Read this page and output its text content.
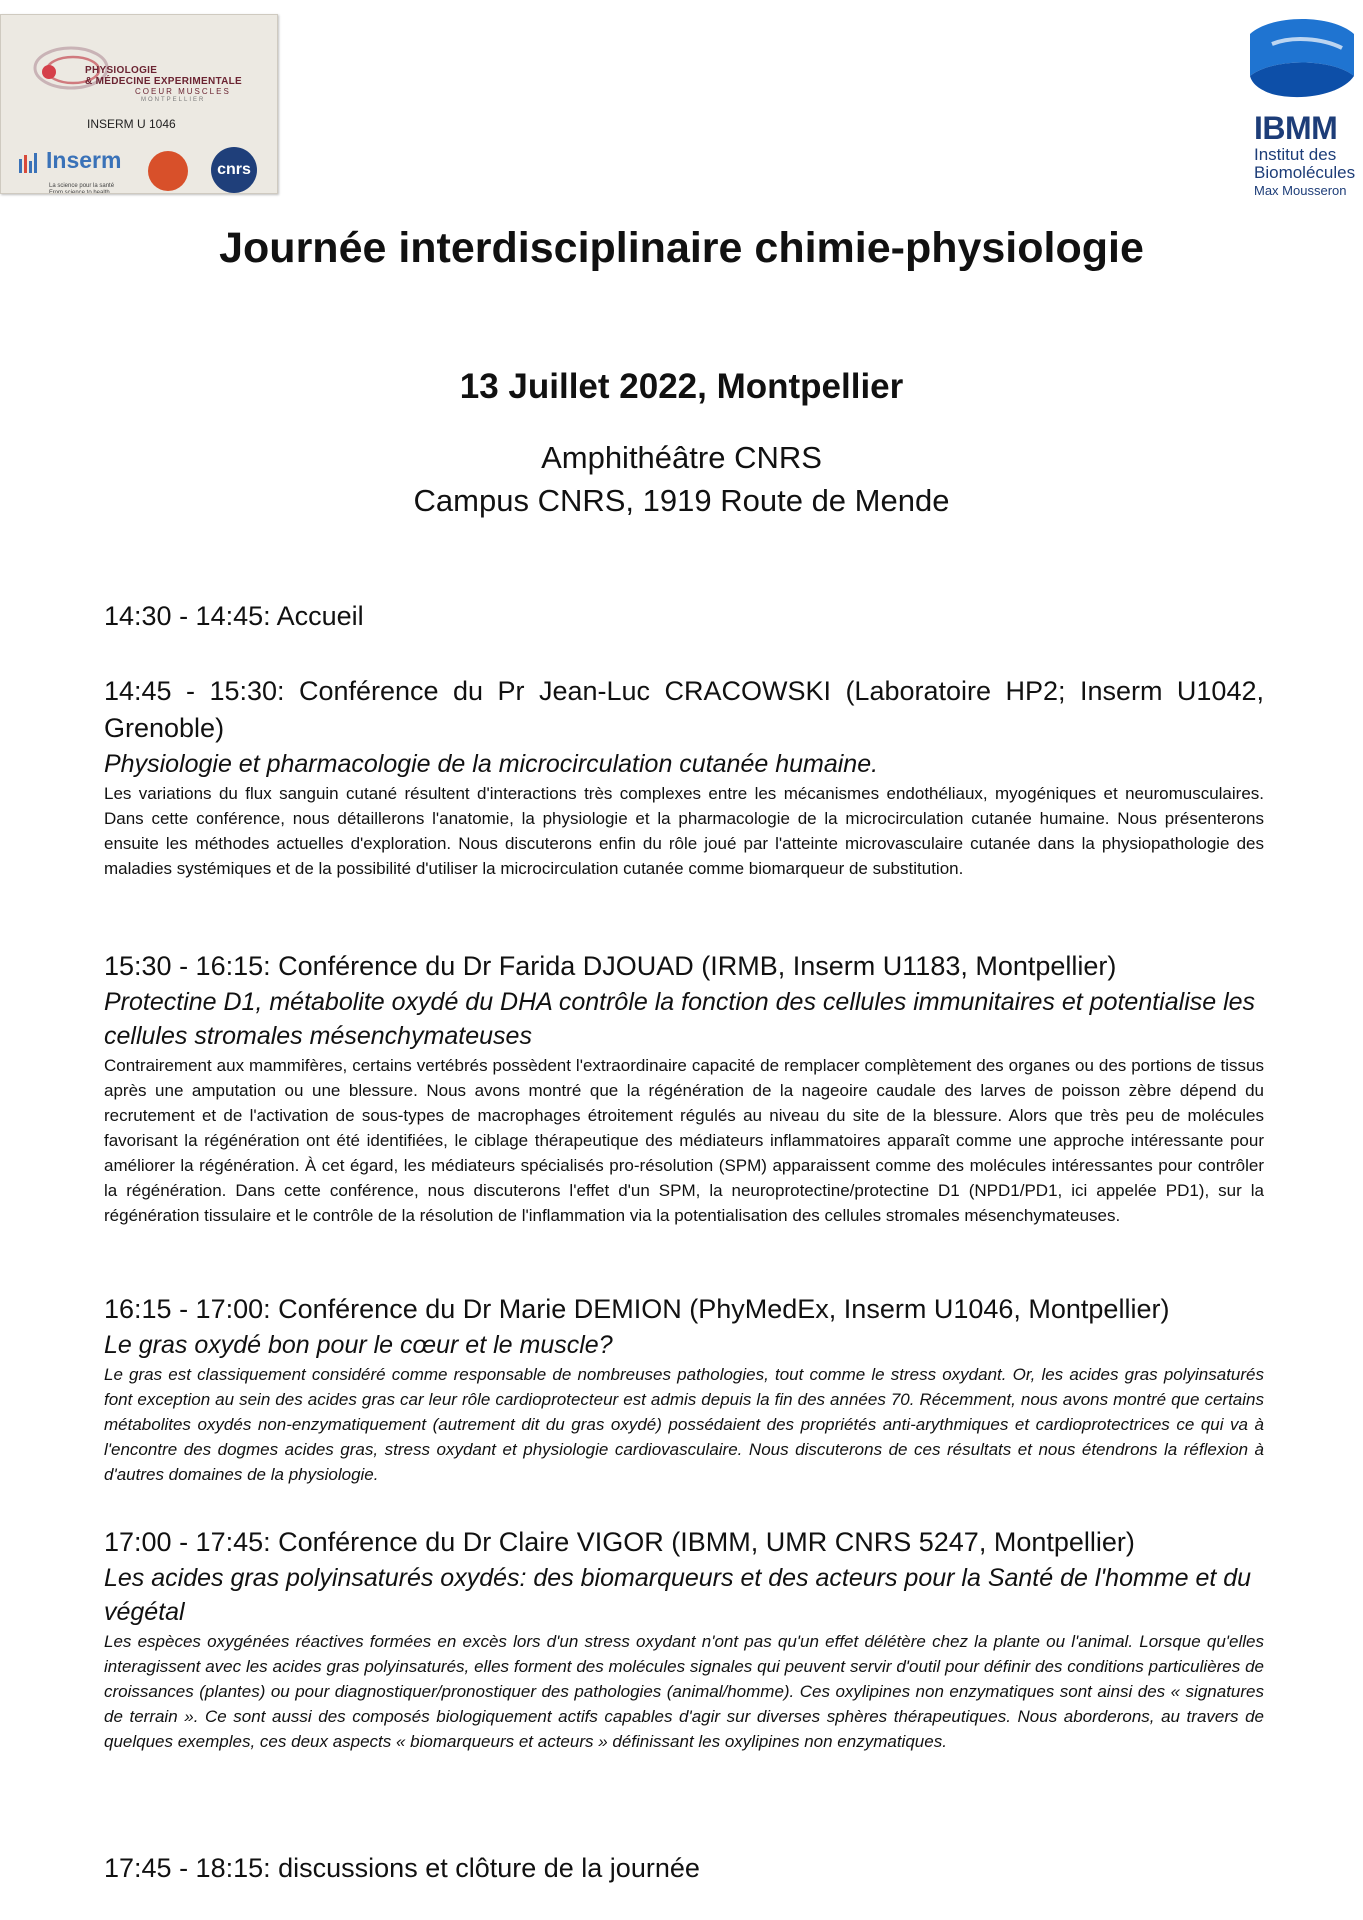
PHYSIOLOGIE
& MÉDECINE EXPERIMENTALE
COEUR MUSCLES
MONTPELLIER
INSERM U 1046
Inserm
La science pour la santé
From science to health
cnrs
IBMM
Institut des
Biomolécules
Max Mousseron
Journée interdisciplinaire chimie-physiologie
13 Juillet 2022, Montpellier
Amphithéâtre CNRS
Campus CNRS, 1919 Route de Mende
14:30 - 14:45: Accueil
14:45 - 15:30: Conférence du Pr Jean-Luc CRACOWSKI (Laboratoire HP2; Inserm U1042, Grenoble)
Physiologie et pharmacologie de la microcirculation cutanée humaine.
Les variations du flux sanguin cutané résultent d'interactions très complexes entre les mécanismes endothéliaux, myogéniques et neuromusculaires. Dans cette conférence, nous détaillerons l'anatomie, la physiologie et la pharmacologie de la microcirculation cutanée humaine. Nous présenterons ensuite les méthodes actuelles d'exploration. Nous discuterons enfin du rôle joué par l'atteinte microvasculaire cutanée dans la physiopathologie des maladies systémiques et de la possibilité d'utiliser la microcirculation cutanée comme biomarqueur de substitution.
15:30 - 16:15: Conférence du Dr Farida DJOUAD (IRMB, Inserm U1183, Montpellier)
Protectine D1, métabolite oxydé du DHA contrôle la fonction des cellules immunitaires et potentialise les cellules stromales mésenchymateuses
Contrairement aux mammifères, certains vertébrés possèdent l'extraordinaire capacité de remplacer complètement des organes ou des portions de tissus après une amputation ou une blessure. Nous avons montré que la régénération de la nageoire caudale des larves de poisson zèbre dépend du recrutement et de l'activation de sous-types de macrophages étroitement régulés au niveau du site de la blessure. Alors que très peu de molécules favorisant la régénération ont été identifiées, le ciblage thérapeutique des médiateurs inflammatoires apparaît comme une approche intéressante pour améliorer la régénération. À cet égard, les médiateurs spécialisés pro-résolution (SPM) apparaissent comme des molécules intéressantes pour contrôler la régénération. Dans cette conférence, nous discuterons l'effet d'un SPM, la neuroprotectine/protectine D1 (NPD1/PD1, ici appelée PD1), sur la régénération tissulaire et le contrôle de la résolution de l'inflammation via la potentialisation des cellules stromales mésenchymateuses.
16:15 - 17:00: Conférence du Dr Marie DEMION (PhyMedEx, Inserm U1046, Montpellier)
Le gras oxydé bon pour le cœur et le muscle?
Le gras est classiquement considéré comme responsable de nombreuses pathologies, tout comme le stress oxydant. Or, les acides gras polyinsaturés font exception au sein des acides gras car leur rôle cardioprotecteur est admis depuis la fin des années 70. Récemment, nous avons montré que certains métabolites oxydés non-enzymatiquement (autrement dit du gras oxydé) possédaient des propriétés anti-arythmiques et cardioprotectrices ce qui va à l'encontre des dogmes acides gras, stress oxydant et physiologie cardiovasculaire. Nous discuterons de ces résultats et nous étendrons la réflexion à d'autres domaines de la physiologie.
17:00 - 17:45: Conférence du Dr Claire VIGOR (IBMM, UMR CNRS 5247, Montpellier)
Les acides gras polyinsaturés oxydés: des biomarqueurs et des acteurs pour la Santé de l'homme et du végétal
Les espèces oxygénées réactives formées en excès lors d'un stress oxydant n'ont pas qu'un effet délétère chez la plante ou l'animal. Lorsque qu'elles interagissent avec les acides gras polyinsaturés, elles forment des molécules signales qui peuvent servir d'outil pour définir des conditions particulières de croissances (plantes) ou pour diagnostiquer/pronostiquer des pathologies (animal/homme). Ces oxylipines non enzymatiques sont ainsi des « signatures de terrain ». Ce sont aussi des composés biologiquement actifs capables d'agir sur diverses sphères thérapeutiques. Nous aborderons, au travers de quelques exemples, ces deux aspects « biomarqueurs et acteurs » définissant les oxylipines non enzymatiques.
17:45 - 18:15: discussions et clôture de la journée
